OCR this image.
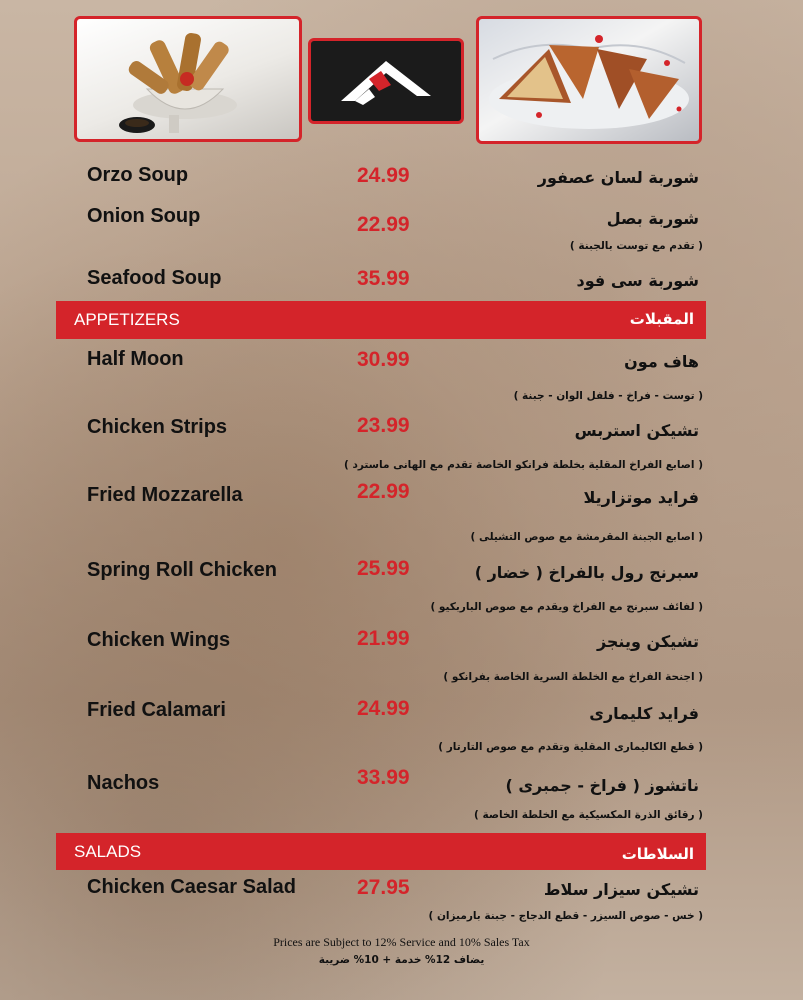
Orzo Soup	24.99	شوربة لسان عصفور
Onion Soup	22.99	شوربة بصل
( تقدم مع توست بالجبنة )
Seafood Soup	35.99	شوربة سى فود
APPETIZERS	المقبلات
Half Moon	30.99	هاف مون
( توست - فراخ - فلفل الوان - جبنة )
Chicken Strips	23.99	تشيكن استربس
( اصابع الفراخ المقلية بخلطة فرانكو الخاصة تقدم مع الهانى ماسترد )
Fried Mozzarella	22.99	فرايد موتزاريلا
( اصابع الجبنة المقرمشة مع صوص التشيلى )
Spring Roll Chicken	25.99	سبرنج رول بالفراخ ( خضار )
( لفائف سبرنج مع الفراخ ويقدم مع صوص الباربكيو )
Chicken Wings	21.99	تشيكن وينجز
( اجنحة الفراخ مع الخلطة السرية الخاصة بفرانكو )
Fried Calamari	24.99	فرايد كليمارى
( قطع الكاليمارى المقلية وتقدم مع صوص التارتار )
Nachos	33.99	ناتشوز ( فراخ - جمبرى )
( رقائق الذرة المكسيكية مع الخلطة الخاصة )
SALADS	السلاطات
Chicken Caesar Salad	27.95	تشيكن سيزار سلاط
( خس - صوص السيزر - قطع الدجاج - جبنة بارميزان )
Prices are Subject to 12% Service and 10% Sales Tax
يضاف 12% خدمة + 10% ضريبة
